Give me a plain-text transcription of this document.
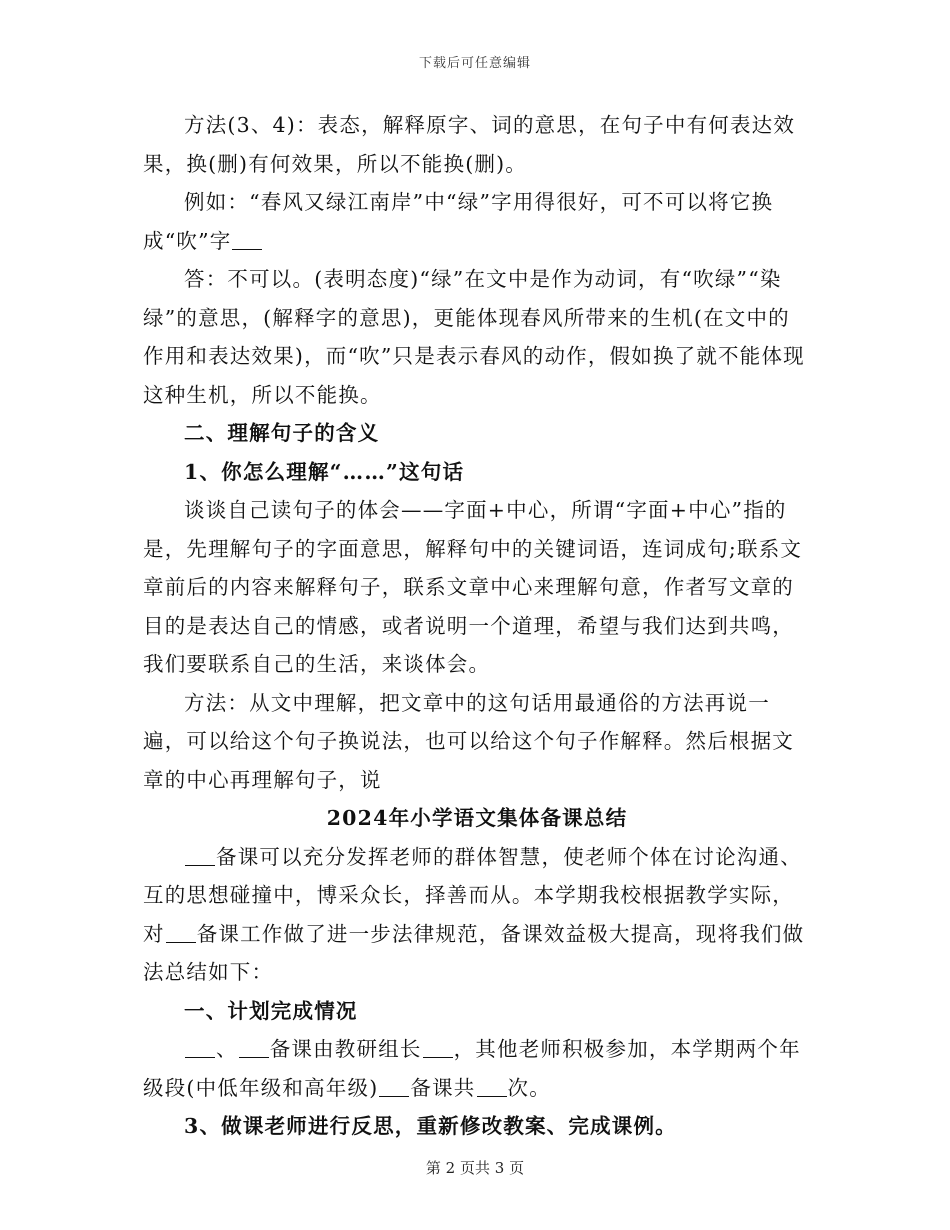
下载后可任意编辑

方法(3、4)：表态，解释原字、词的意思，在句子中有何表达效果，换(删)有何效果，所以不能换(删)。

例如：“春风又绿江南岸”中“绿”字用得很好，可不可以将它换成“吹”字

答：不可以。(表明态度)“绿”在文中是作为动词，有“吹绿”“染绿”的意思，(解释字的意思)，更能体现春风所带来的生机(在文中的作用和表达效果)，而“吹”只是表示春风的动作，假如换了就不能体现这种生机，所以不能换。

二、理解句子的含义

1、你怎么理解“……”这句话

谈谈自己读句子的体会——字面+中心，所谓“字面+中心”指的是，先理解句子的字面意思，解释句中的关键词语，连词成句;联系文章前后的内容来解释句子，联系文章中心来理解句意，作者写文章的目的是表达自己的情感，或者说明一个道理，希望与我们达到共鸣，我们要联系自己的生活，来谈体会。

方法：从文中理解，把文章中的这句话用最通俗的方法再说一遍，可以给这个句子换说法，也可以给这个句子作解释。然后根据文章的中心再理解句子，说

2024年小学语文集体备课总结

备课可以充分发挥老师的群体智慧，使老师个体在讨论沟通、互的思想碰撞中，博采众长，择善而从。本学期我校根据教学实际，对 备课工作做了进一步法律规范，备课效益极大提高，现将我们做法总结如下：

一、计划完成情况

、 备课由教研组长 ，其他老师积极参加，本学期两个年级段(中低年级和高年级) 备课共 次。

3、做课老师进行反思，重新修改教案、完成课例。

第 2 页共 3 页
